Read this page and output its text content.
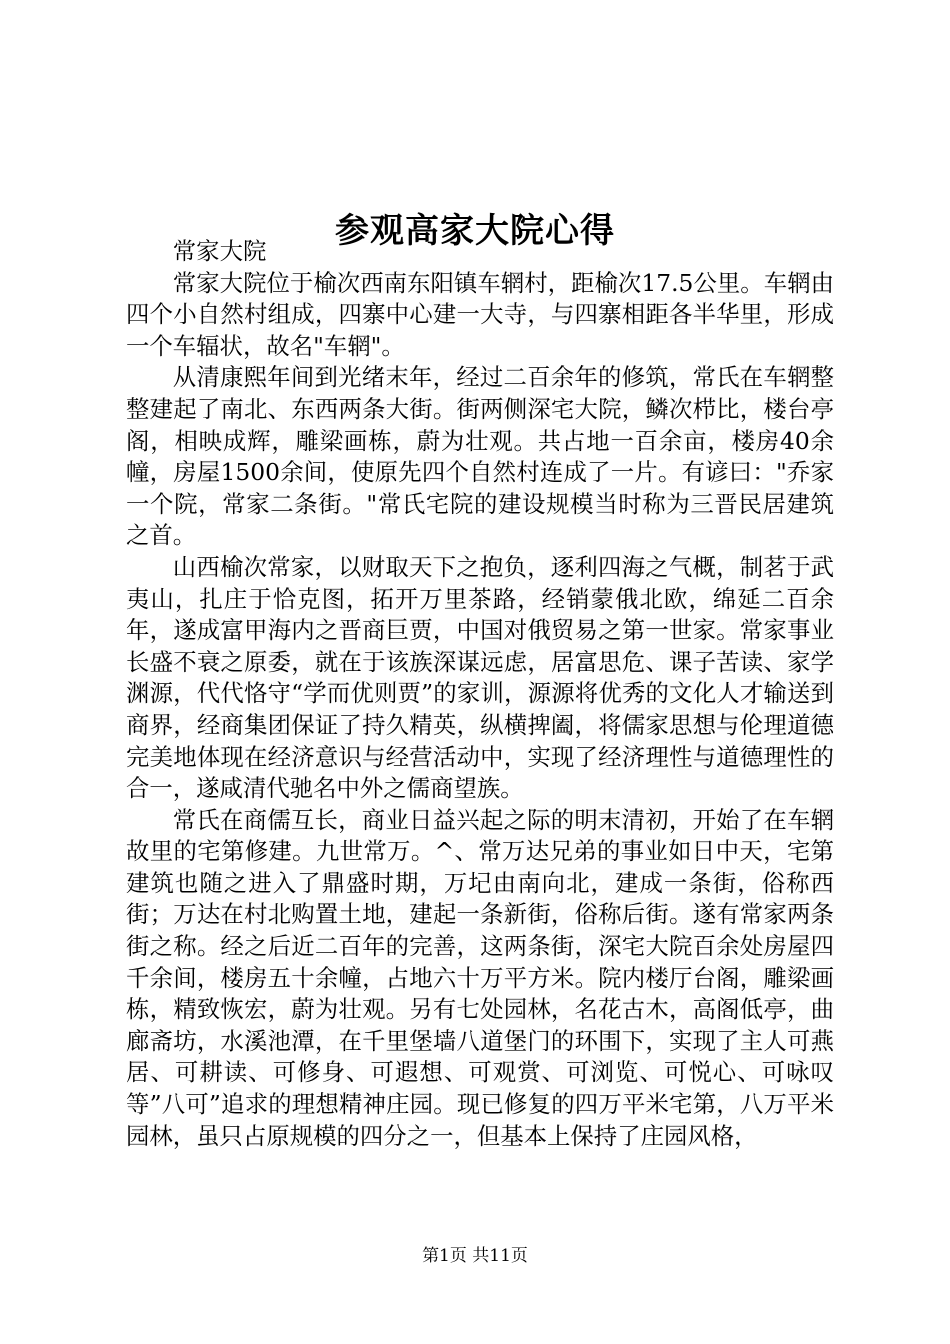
参观高家大院心得

常家大院

常家大院位于榆次西南东阳镇车辋村，距榆次17.5公里。车辋由四个小自然村组成，四寨中心建一大寺，与四寨相距各半华里，形成一个车辐状，故名"车辋"。

从清康熙年间到光绪末年，经过二百余年的修筑，常氏在车辋整整建起了南北、东西两条大街。街两侧深宅大院，鳞次栉比，楼台亭阁，相映成辉，雕梁画栋，蔚为壮观。共占地一百余亩，楼房40余幢，房屋1500余间，使原先四个自然村连成了一片。有谚曰："乔家一个院，常家二条街。"常氏宅院的建设规模当时称为三晋民居建筑之首。

山西榆次常家，以财取天下之抱负，逐利四海之气概，制茗于武夷山，扎庄于恰克图，拓开万里茶路，经销蒙俄北欧，绵延二百余年，遂成富甲海内之晋商巨贾，中国对俄贸易之第一世家。常家事业长盛不衰之原委，就在于该族深谋远虑，居富思危、课子苦读、家学渊源，代代恪守“学而优则贾”的家训，源源将优秀的文化人才输送到商界，经商集团保证了持久精英，纵横捭阖，将儒家思想与伦理道德完美地体现在经济意识与经营活动中，实现了经济理性与道德理性的合一，遂咸清代驰名中外之儒商望族。

常氏在商儒互长，商业日益兴起之际的明末清初，开始了在车辋故里的宅第修建。九世常万。^、常万达兄弟的事业如日中天，宅第建筑也随之进入了鼎盛时期，万圮由南向北，建成一条街，俗称西街；万达在村北购置土地，建起一条新街，俗称后街。遂有常家两条街之称。经之后近二百年的完善，这两条街，深宅大院百余处房屋四千余间，楼房五十余幢，占地六十万平方米。院内楼厅台阁，雕梁画栋，精致恢宏，蔚为壮观。另有七处园林，名花古木，高阁低亭，曲廊斋坊，水溪池潭，在千里堡墙八道堡门的环围下，实现了主人可燕居、可耕读、可修身、可遐想、可观赏、可浏览、可悦心、可咏叹等”八可”追求的理想精神庄园。现已修复的四万平米宅第，八万平米园林，虽只占原规模的四分之一，但基本上保持了庄园风格，

第1页 共11页
